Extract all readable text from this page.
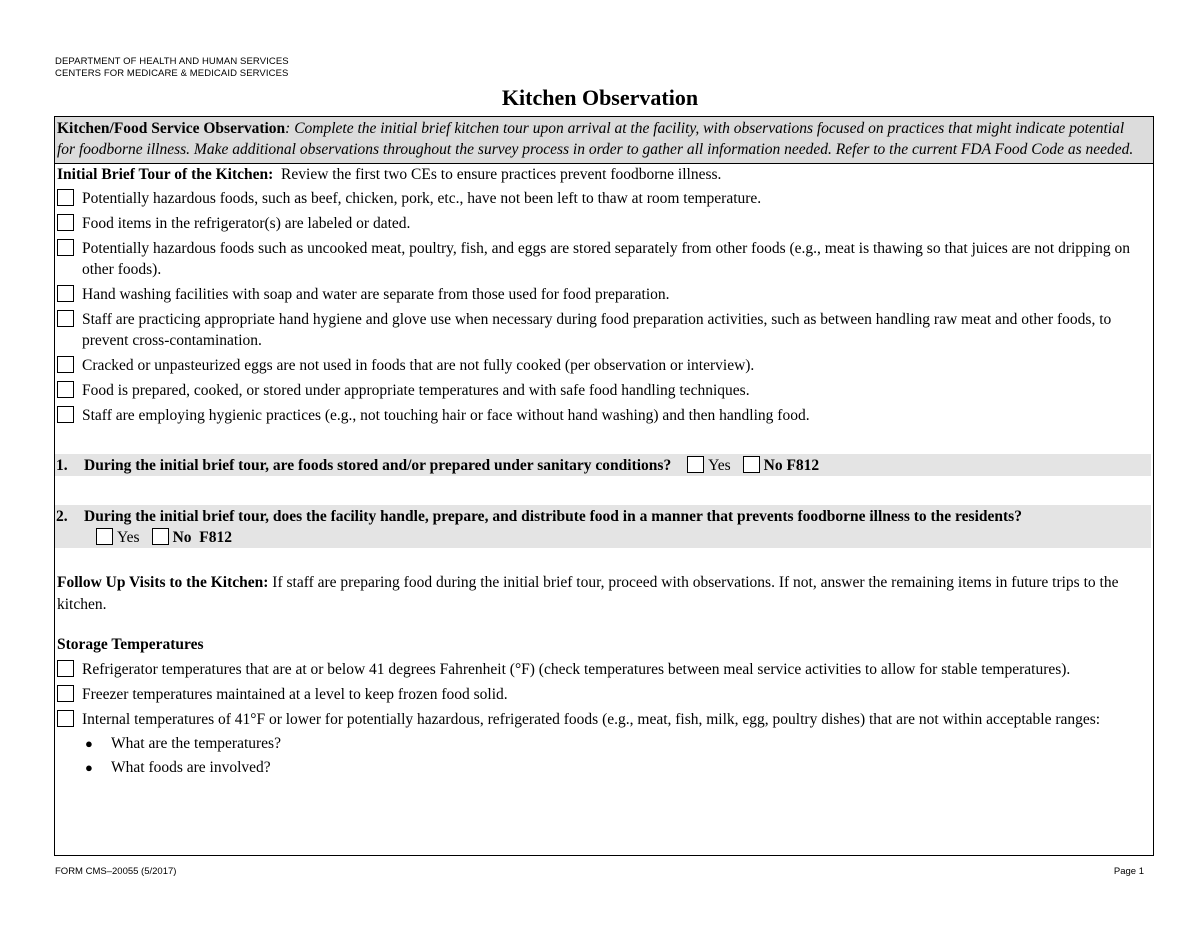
DEPARTMENT OF HEALTH AND HUMAN SERVICES
CENTERS FOR MEDICARE & MEDICAID SERVICES
Kitchen Observation
Kitchen/Food Service Observation: Complete the initial brief kitchen tour upon arrival at the facility, with observations focused on practices that might indicate potential for foodborne illness. Make additional observations throughout the survey process in order to gather all information needed. Refer to the current FDA Food Code as needed.
Initial Brief Tour of the Kitchen: Review the first two CEs to ensure practices prevent foodborne illness.
Potentially hazardous foods, such as beef, chicken, pork, etc., have not been left to thaw at room temperature.
Food items in the refrigerator(s) are labeled or dated.
Potentially hazardous foods such as uncooked meat, poultry, fish, and eggs are stored separately from other foods (e.g., meat is thawing so that juices are not dripping on other foods).
Hand washing facilities with soap and water are separate from those used for food preparation.
Staff are practicing appropriate hand hygiene and glove use when necessary during food preparation activities, such as between handling raw meat and other foods, to prevent cross-contamination.
Cracked or unpasteurized eggs are not used in foods that are not fully cooked (per observation or interview).
Food is prepared, cooked, or stored under appropriate temperatures and with safe food handling techniques.
Staff are employing hygienic practices (e.g., not touching hair or face without hand washing) and then handling food.
1.	During the initial brief tour, are foods stored and/or prepared under sanitary conditions? Yes No F812
2.	During the initial brief tour, does the facility handle, prepare, and distribute food in a manner that prevents foodborne illness to the residents? Yes No F812
Follow Up Visits to the Kitchen: If staff are preparing food during the initial brief tour, proceed with observations. If not, answer the remaining items in future trips to the kitchen.
Storage Temperatures
Refrigerator temperatures that are at or below 41 degrees Fahrenheit (°F) (check temperatures between meal service activities to allow for stable temperatures).
Freezer temperatures maintained at a level to keep frozen food solid.
Internal temperatures of 41°F or lower for potentially hazardous, refrigerated foods (e.g., meat, fish, milk, egg, poultry dishes) that are not within acceptable ranges:
●	What are the temperatures?
●	What foods are involved?
FORM CMS–20055 (5/2017)	Page 1
